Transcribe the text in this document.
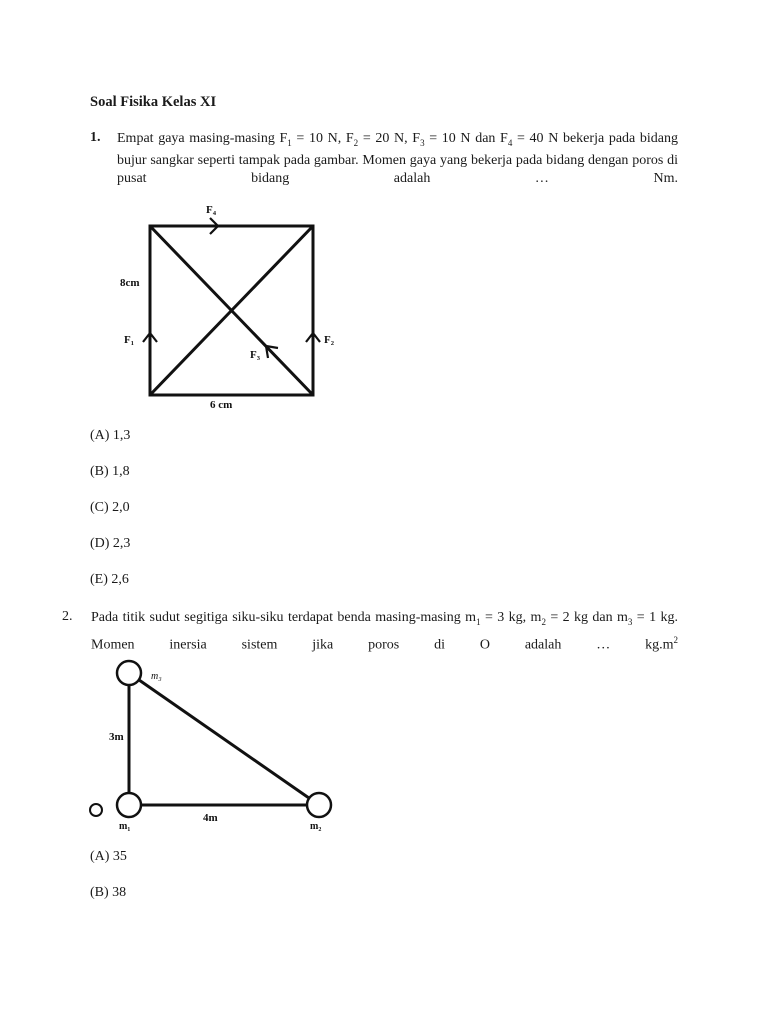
Soal Fisika Kelas XI
1. Empat gaya masing-masing $F_1 = 10$ N, $F_2 = 20$ N, $F_3 = 10$ N dan $F_4 = 40$ N bekerja pada bidang bujur sangkar seperti tampak pada gambar. Momen gaya yang bekerja pada bidang dengan poros di pusat bidang adalah … Nm.
F₄
8cm
F₁	F₂
F₃
6 cm
(A) 1,3
(B) 1,8
(C) 2,0
(D) 2,3
(E) 2,6
2. Pada titik sudut segitiga siku-siku terdapat benda masing-masing $m_1 = 3$ kg, $m_2 = 2$ kg dan $m_3 = 1$ kg. Momen inersia sistem jika poros di O adalah … $kg.m^2$
m₃
3m
m₁
4m
m₂
(A) 35
(B) 38
